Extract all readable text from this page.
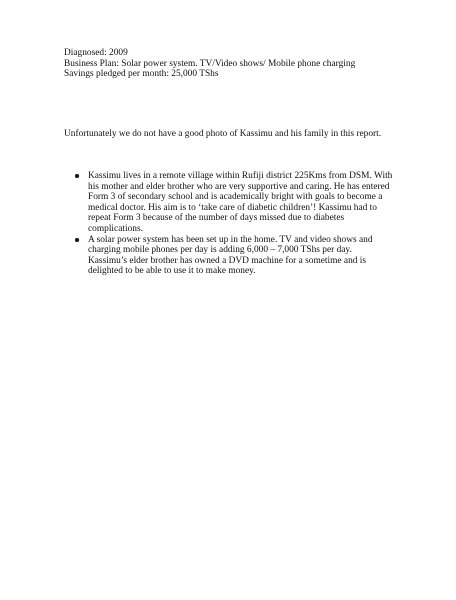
Diagnosed: 2009
Business Plan: Solar power system. TV/Video shows/ Mobile phone charging
Savings pledged per month: 25,000 TShs
Unfortunately we do not have a good photo of Kassimu and his family in this report.
Kassimu lives in a remote village within Rufiji district 225Kms from DSM. With
his mother and elder brother who are very supportive and caring. He has entered
Form 3 of secondary school and is academically bright with goals to become a
medical doctor. His aim is to ‘take care of diabetic children’! Kassimu had to
repeat Form 3 because of the number of days missed due to diabetes
complications.
A solar power system has been set up in the home. TV and video shows and
charging mobile phones per day is adding 6,000 – 7,000 TShs per day.
Kassimu’s elder brother has owned a DVD machine for a sometime and is
delighted to be able to use it to make money.
